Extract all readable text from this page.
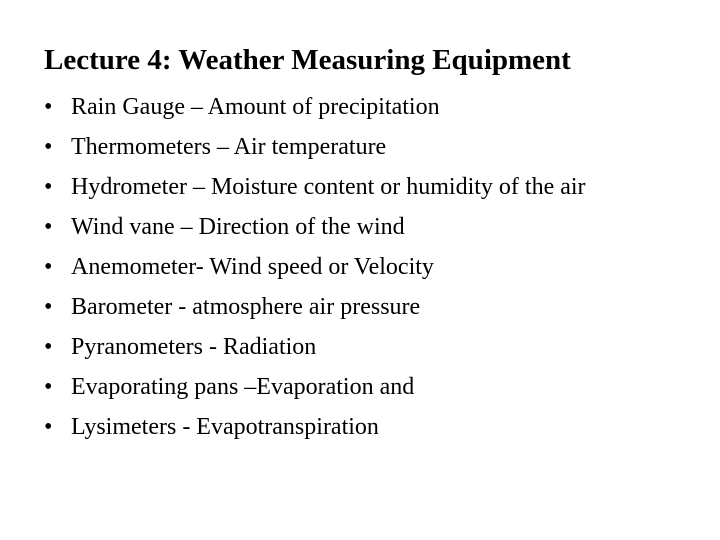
Lecture 4: Weather Measuring Equipment
• Rain Gauge – Amount of precipitation
• Thermometers – Air temperature
• Hydrometer – Moisture content or humidity of the air
• Wind vane – Direction of the wind
• Anemometer- Wind speed or Velocity
• Barometer - atmosphere air pressure
• Pyranometers - Radiation
• Evaporating pans –Evaporation and
• Lysimeters - Evapotranspiration
